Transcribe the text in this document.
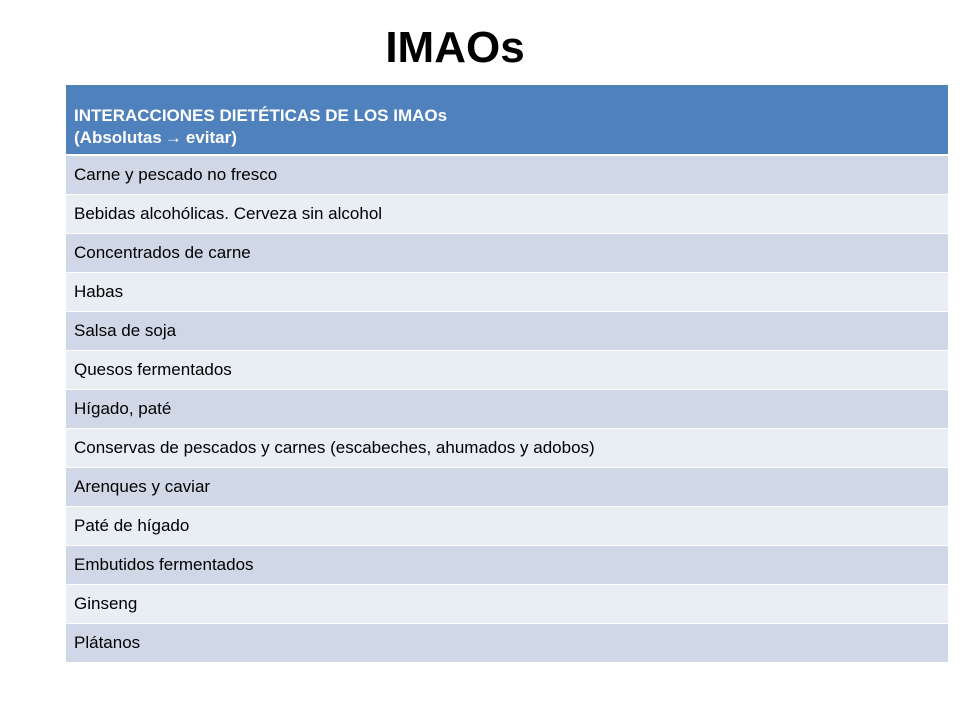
IMAOs
INTERACCIONES DIETÉTICAS DE LOS IMAOs
(Absolutas → evitar)

Carne y pescado no fresco
Bebidas alcohólicas. Cerveza sin alcohol
Concentrados de carne
Habas
Salsa de soja
Quesos fermentados
Hígado, paté
Conservas de pescados y carnes (escabeches, ahumados y adobos)
Arenques y caviar
Paté de hígado
Embutidos fermentados
Ginseng
Plátanos
